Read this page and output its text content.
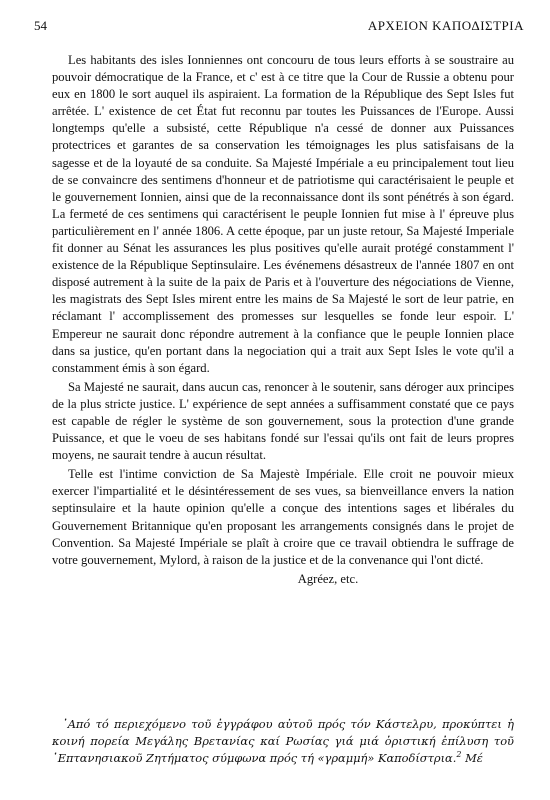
54	ΑΡΧΕΙΟΝ ΚΑΠΟΔΙΣΤΡΙΑ

Les habitants des isles Ionniennes ont concouru de tous leurs efforts à se soustraire au pouvoir démocratique de la France, et c' est à ce titre que la Cour de Russie a obtenu pour eux en 1800 le sort auquel ils aspiraient. La formation de la République des Sept Isles fut arrêtée. L' existence de cet État fut reconnu par toutes les Puissances de l'Europe. Aussi longtemps qu'elle a subsisté, cette République n'a cessé de donner aux Puissances protectrices et garantes de sa conservation les témoignages les plus satisfaisans de la sagesse et de la loyauté de sa conduite. Sa Majesté Impériale a eu principalement tout lieu de se convaincre des sentimens d'honneur et de patriotisme qui caractérisaient le peuple et le gouvernement Ionnien, ainsi que de la reconnaissance dont ils sont pénétrés à son égard. La fermeté de ces sentimens qui caractérisent le peuple Ionnien fut mise à l' épreuve plus particulièrement en l' année 1806. A cette époque, par un juste retour, Sa Majesté Imperiale fit donner au Sénat les assurances les plus positives qu'elle aurait protégé constamment l' existence de la République Septinsulaire. Les événemens désastreux de l'année 1807 en ont disposé autrement à la suite de la paix de Paris et à l'ouverture des négociations de Vienne, les magistrats des Sept Isles mirent entre les mains de Sa Majesté le sort de leur patrie, en réclamant l' accomplissement des promesses sur lesquelles se fonde leur espoir. L' Empereur ne saurait donc répondre autrement à la confiance que le peuple Ionnien place dans sa justice, qu'en portant dans la negociation qui a trait aux Sept Isles le vote qu'il a constamment émis à son égard.

Sa Majesté ne saurait, dans aucun cas, renoncer à le soutenir, sans déroger aux principes de la plus stricte justice. L' expérience de sept années a suffisamment constaté que ce pays est capable de régler le système de son gouvernement, sous la protection d'une grande Puissance, et que le voeu de ses habitans fondé sur l'essai qu'ils ont fait de leurs propres moyens, ne saurait tendre à aucun résultat.

Telle est l'intime conviction de Sa Majestè Impériale. Elle croit ne pouvoir mieux exercer l'impartialité et le désintéressement de ses vues, sa bienveillance envers la nation septinsulaire et la haute opinion qu'elle a conçue des intentions sages et libérales du Gouvernement Britannique qu'en proposant les arrangements consignés dans le projet de Convention. Sa Majesté Impériale se plaît à croire que ce travail obtiendra le suffrage de votre gouvernement, Mylord, à raison de la justice et de la convenance qui l'ont dicté.

Agréez, etc.

᾿Από τό περιεχόμενο τοῦ ἐγγράφου αὐτοῦ πρός τόν Κάστελρυ, προκύπτει ἡ κοινή πορεία Μεγάλης Βρετανίας καί Ρωσίας γιά μιά ὁριστική ἐπίλυση τοῦ ῾Επτανησιακοῦ Ζητήματος σύμφωνα πρός τή «γραμμή» Καποδίστρια.$^2$ Μέ
